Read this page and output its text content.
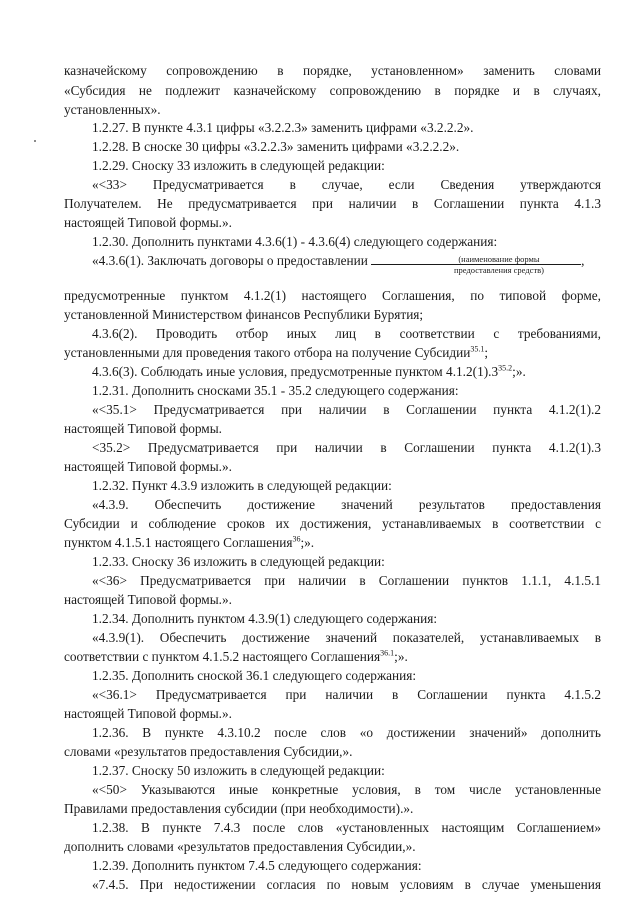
казначейскому сопровождению в порядке, установленном» заменить словами
«Субсидия не подлежит казначейскому сопровождению в порядке и в случаях,
установленных».
1.2.27. В пункте 4.3.1 цифры «3.2.2.3» заменить цифрами «3.2.2.2».
1.2.28. В сноске 30 цифры «3.2.2.3» заменить цифрами «3.2.2.2».
1.2.29. Сноску 33 изложить в следующей редакции:
«<33> Предусматривается в случае, если Сведения утверждаются
Получателем. Не предусматривается при наличии в Соглашении пункта 4.1.3
настоящей Типовой формы.».
1.2.30. Дополнить пунктами 4.3.6(1) - 4.3.6(4) следующего содержания:
«4.3.6(1). Заключать договоры о предоставлении	,
предусмотренные пунктом 4.1.2(1) настоящего Соглашения, по типовой форме,
установленной Министерством финансов Республики Бурятия;
4.3.6(2). Проводить отбор иных лиц в соответствии с требованиями,
установленными для проведения такого отбора на получение Субсидии$^{35.1}$;
4.3.6(3). Соблюдать иные условия, предусмотренные пунктом $4.1.2(1).3^{35.2}$;».
1.2.31. Дополнить сносками 35.1 - 35.2 следующего содержания:
«<35.1> Предусматривается при наличии в Соглашении пункта 4.1.2(1).2
настоящей Типовой формы.
<35.2> Предусматривается при наличии в Соглашении пункта 4.1.2(1).3
настоящей Типовой формы.».
1.2.32. Пункт 4.3.9 изложить в следующей редакции:
«4.3.9. Обеспечить достижение значений результатов предоставления
Субсидии и соблюдение сроков их достижения, устанавливаемых в соответствии с
пунктом 4.1.5.1 настоящего Соглашения$^{36}$;».
1.2.33. Сноску 36 изложить в следующей редакции:
«<36> Предусматривается при наличии в Соглашении пунктов 1.1.1, 4.1.5.1
настоящей Типовой формы.».
1.2.34. Дополнить пунктом 4.3.9(1) следующего содержания:
«4.3.9(1). Обеспечить достижение значений показателей, устанавливаемых в
соответствии с пунктом 4.1.5.2 настоящего Соглашения$^{36.1}$;».
1.2.35. Дополнить сноской 36.1 следующего содержания:
«<36.1> Предусматривается при наличии в Соглашении пункта 4.1.5.2
настоящей Типовой формы.».
1.2.36. В пункте 4.3.10.2 после слов «о достижении значений» дополнить
словами «результатов предоставления Субсидии,».
1.2.37. Сноску 50 изложить в следующей редакции:
«<50> Указываются иные конкретные условия, в том числе установленные
Правилами предоставления субсидии (при необходимости).».
1.2.38. В пункте 7.4.3 после слов «установленных настоящим Соглашением»
дополнить словами «результатов предоставления Субсидии,».
1.2.39. Дополнить пунктом 7.4.5 следующего содержания:
«7.4.5. При недостижении согласия по новым условиям в случае уменьшения
(наименование формы
предоставления средств)
